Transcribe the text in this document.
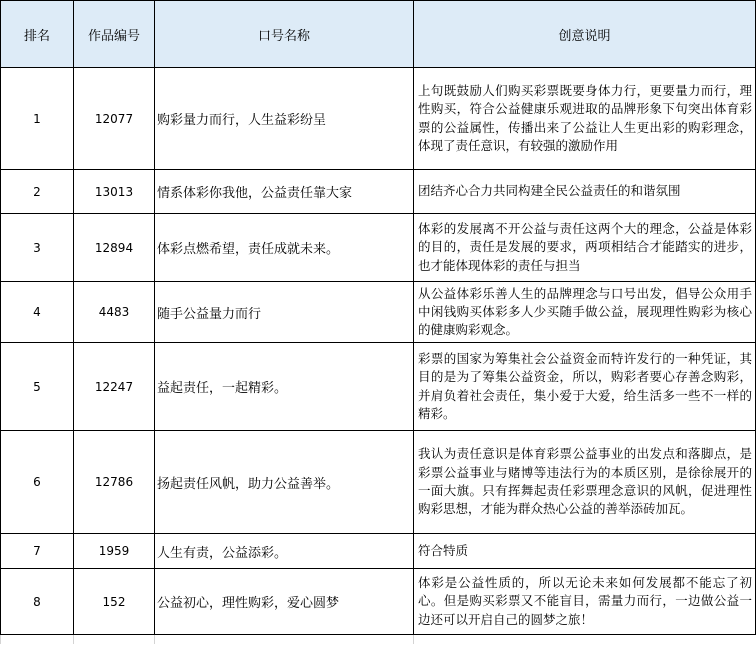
排名	作品编号	口号名称	创意说明
1	12077	购彩量力而行，人生益彩纷呈	上句既鼓励人们购买彩票既要身体力行，更要量力而行，理性购买，符合公益健康乐观进取的品牌形象下句突出体育彩票的公益属性，传播出来了公益让人生更出彩的购彩理念，体现了责任意识，有较强的激励作用
2	13013	情系体彩你我他，公益责任靠大家	团结齐心合力共同构建全民公益责任的和谐氛围
3	12894	体彩点燃希望，责任成就未来。	体彩的发展离不开公益与责任这两个大的理念，公益是体彩的目的，责任是发展的要求，两项相结合才能踏实的进步，也才能体现体彩的责任与担当
4	4483	随手公益量力而行	从公益体彩乐善人生的品牌理念与口号出发，倡导公众用手中闲钱购买体彩多人少买随手做公益，展现理性购彩为核心的健康购彩观念。
5	12247	益起责任，一起精彩。	彩票的国家为筹集社会公益资金而特许发行的一种凭证，其目的是为了筹集公益资金，所以，购彩者要心存善念购彩，并肩负着社会责任，集小爱于大爱，给生活多一些不一样的精彩。
6	12786	扬起责任风帆，助力公益善举。	我认为责任意识是体育彩票公益事业的出发点和落脚点，是彩票公益事业与赌博等违法行为的本质区别，是徐徐展开的一面大旗。只有挥舞起责任彩票理念意识的风帆，促进理性购彩思想，才能为群众热心公益的善举添砖加瓦。
7	1959	人生有责，公益添彩。	符合特质
8	152	公益初心，理性购彩，爱心圆梦	体彩是公益性质的，所以无论未来如何发展都不能忘了初心。但是购买彩票又不能盲目，需量力而行，一边做公益一边还可以开启自己的圆梦之旅！
